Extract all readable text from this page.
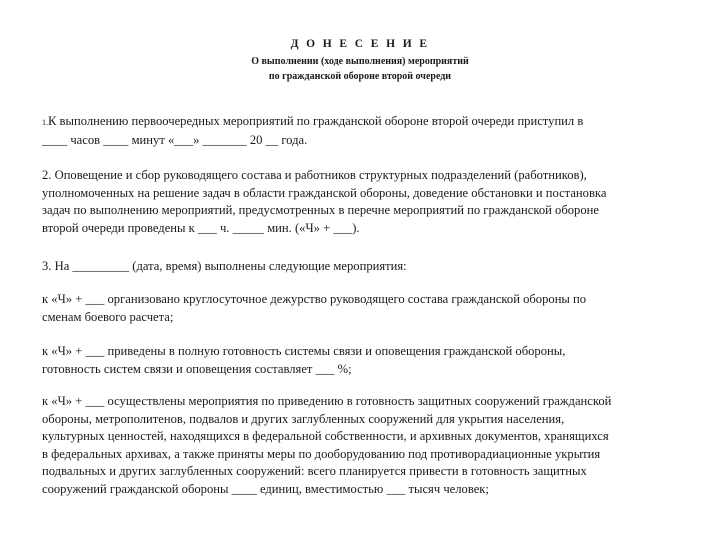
Д О Н Е С Е Н И Е
О выполнении (ходе выполнения) мероприятий
по гражданской обороне второй очереди

1.К выполнению первоочередных мероприятий по гражданской обороне второй очереди приступил в
____ часов ____ минут «___» _______ 20 __ года.

2. Оповещение и сбор руководящего состава и работников структурных подразделений (работников),
уполномоченных на решение задач в области гражданской обороны, доведение обстановки и постановка
задач по выполнению мероприятий, предусмотренных в перечне мероприятий по гражданской обороне
второй очереди проведены к ___ ч. _____ мин. («Ч» + ___).

3. На _________ (дата, время) выполнены следующие мероприятия:

к «Ч» + ___ организовано круглосуточное дежурство руководящего состава гражданской обороны по
сменам боевого расчета;

к «Ч» + ___ приведены в полную готовность системы связи и оповещения гражданской обороны,
готовность систем связи и оповещения составляет ___ %;

к «Ч» + ___ осуществлены мероприятия по приведению в готовность защитных сооружений гражданской
обороны, метрополитенов, подвалов и других заглубленных сооружений для укрытия населения,
культурных ценностей, находящихся в федеральной собственности, и архивных документов, хранящихся
в федеральных архивах, а также приняты меры по дооборудованию под противорадиационные укрытия
подвальных и других заглубленных сооружений: всего планируется привести в готовность защитных
сооружений гражданской обороны ____ единиц, вместимостью ___ тысяч человек;
